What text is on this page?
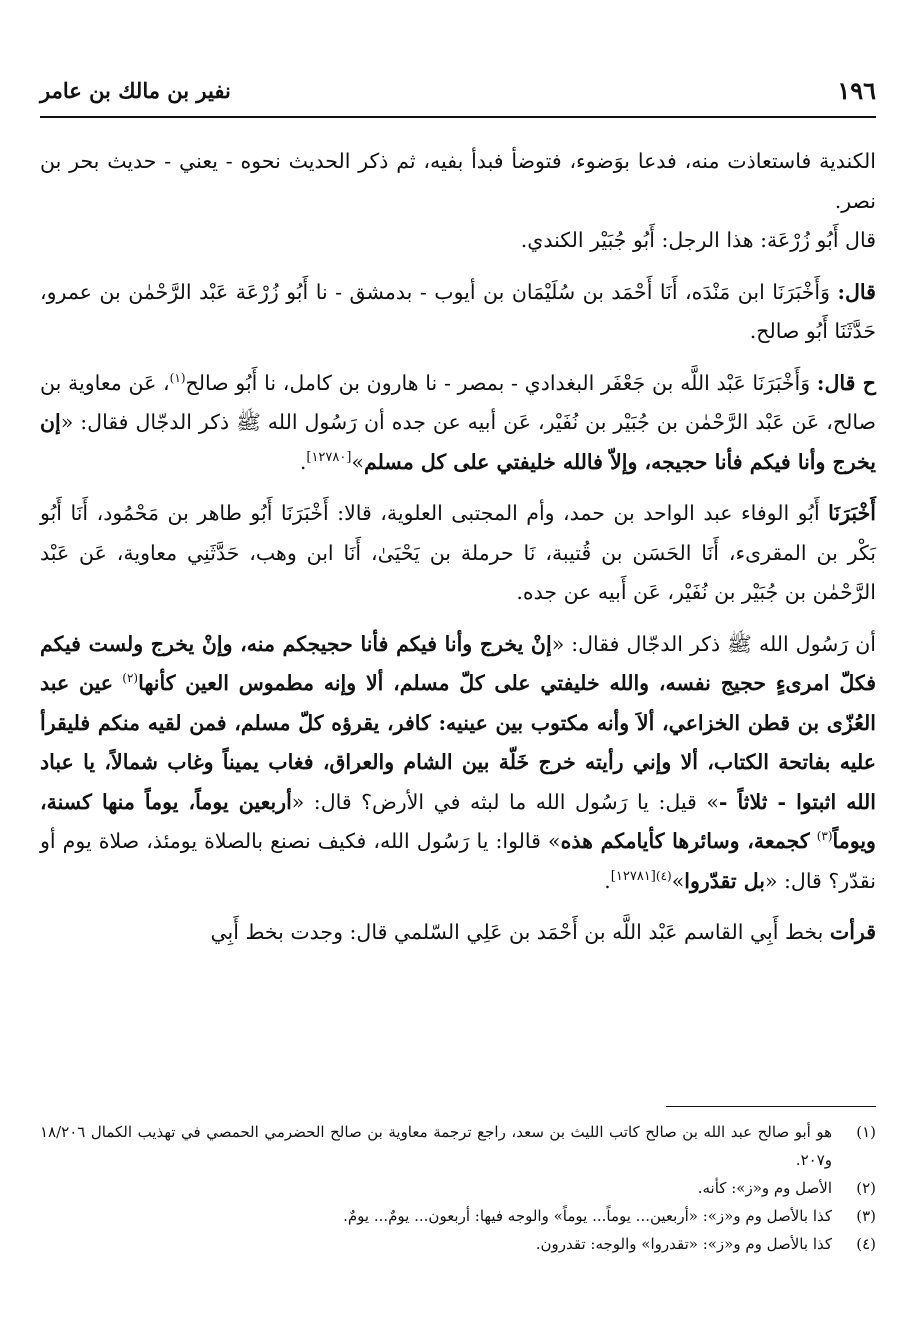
١٩٦
نفير بن مالك بن عامر

الكندية فاستعاذت منه، فدعا بوَضوء، فتوضأ فبدأ بفيه، ثم ذكر الحديث نحوه - يعني - حديث بحر بن نصر.

قال أَبُو زُرْعَة: هذا الرجل: أَبُو جُبَيْر الكندي.

قال: وَأَخْبَرَنَا ابن مَنْدَه، أَنَا أَحْمَد بن سُلَيْمَان بن أيوب - بدمشق - نا أَبُو زُرْعَة عَبْد الرَّحْمٰن بن عمرو، حَدَّثَنَا أَبُو صالح.

ح قال: وَأَخْبَرَنَا عَبْد اللَّه بن جَعْفَر البغدادي - بمصر - نا هارون بن كامل، نا أَبُو صالح$^{(١)}$، عَن معاوية بن صالح، عَن عَبْد الرَّحْمٰن بن جُبَيْر بن نُفَيْر، عَن أبيه عن جده أن رَسُول الله ﷺ ذكر الدجّال فقال: «إن يخرج وأنا فيكم فأنا حجيجه، وإلاّ فالله خليفتي على كل مسلم»[١٢٧٨٠].

أَخْبَرَنَا أَبُو الوفاء عبد الواحد بن حمد، وأم المجتبى العلوية، قالا: أَخْبَرَنَا أَبُو طاهر بن مَحْمُود، أَنَا أَبُو بَكْر بن المقرىء، أَنَا الحَسَن بن قُتيبة، نَا حرملة بن يَحْيَىٰ، أَنَا ابن وهب، حَدَّثَنِي معاوية، عَن عَبْد الرَّحْمٰن بن جُبَيْر بن نُفَيْر، عَن أَبيه عن جده.

أن رَسُول الله ﷺ ذكر الدجّال فقال: «إنْ يخرج وأنا فيكم فأنا حجيجكم منه، وإنْ يخرج ولست فيكم فكلّ امرىءٍ حجيج نفسه، والله خليفتي على كلّ مسلم، ألا وإنه مطموس العين كأنها$^{(٢)}$ عين عبد العُزّى بن قطن الخزاعي، ألاَ وأنه مكتوب بين عينيه: كافر، يقرؤه كلّ مسلم، فمن لقيه منكم فليقرأ عليه بفاتحة الكتاب، ألا وإني رأيته خرج خَلّة بين الشام والعراق، فغاب يميناً وغاب شمالاً، يا عباد الله اثبتوا - ثلاثاً -» قيل: يا رَسُول الله ما لبثه في الأرض؟ قال: «أربعين يوماً، يوماً منها كسنة، ويوماً$^{(٣)}$ كجمعة، وسائرها كأيامكم هذه» قالوا: يا رَسُول الله، فكيف نصنع بالصلاة يومئذ، صلاة يوم أو نقدّر؟ قال: «بل تقدّروا»$^{(٤)[١٢٧٨١]}$.

قرأت بخط أَبِي القاسم عَبْد اللَّه بن أَحْمَد بن عَلِي السّلمي قال: وجدت بخط أَبِي

(١)
هو أبو صالح عبد الله بن صالح كاتب الليث بن سعد، راجع ترجمة معاوية بن صالح الحضرمي الحمصي في تهذيب الكمال ١٨/٢٠٦ و٢٠٧.
(٢)
الأصل وم و«ز»: كأنه.
(٣)
كذا بالأصل وم و«ز»: «أربعين... يوماً... يوماً» والوجه فيها: أربعون... يومٌ... يومٌ.
(٤)
كذا بالأصل وم و«ز»: «تقدروا» والوجه: تقدرون.
